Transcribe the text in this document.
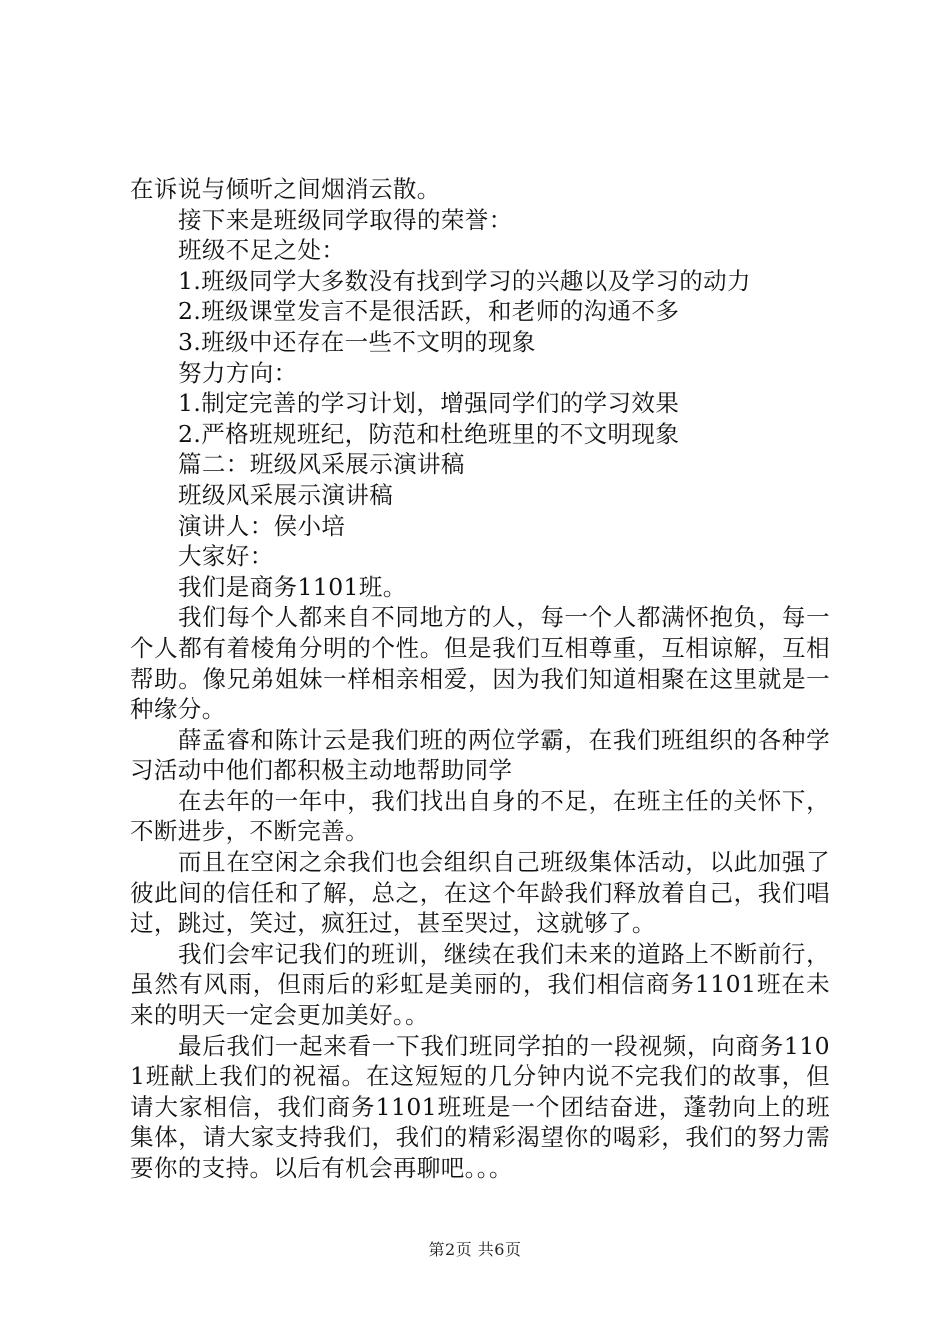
在诉说与倾听之间烟消云散。

接下来是班级同学取得的荣誉：

班级不足之处：

1.班级同学大多数没有找到学习的兴趣以及学习的动力

2.班级课堂发言不是很活跃，和老师的沟通不多

3.班级中还存在一些不文明的现象

努力方向：

1.制定完善的学习计划，增强同学们的学习效果

2.严格班规班纪，防范和杜绝班里的不文明现象

篇二：班级风采展示演讲稿

班级风采展示演讲稿

演讲人：侯小培

大家好：

我们是商务1101班。

我们每个人都来自不同地方的人，每一个人都满怀抱负，每一个人都有着棱角分明的个性。但是我们互相尊重，互相谅解，互相帮助。像兄弟姐妹一样相亲相爱，因为我们知道相聚在这里就是一种缘分。

薛孟睿和陈计云是我们班的两位学霸，在我们班组织的各种学习活动中他们都积极主动地帮助同学

在去年的一年中，我们找出自身的不足，在班主任的关怀下，不断进步，不断完善。

而且在空闲之余我们也会组织自己班级集体活动，以此加强了彼此间的信任和了解，总之，在这个年龄我们释放着自己，我们唱过，跳过，笑过，疯狂过，甚至哭过，这就够了。

我们会牢记我们的班训，继续在我们未来的道路上不断前行，虽然有风雨，但雨后的彩虹是美丽的，我们相信商务1101班在未来的明天一定会更加美好。。

最后我们一起来看一下我们班同学拍的一段视频，向商务1101班献上我们的祝福。在这短短的几分钟内说不完我们的故事，但请大家相信，我们商务1101班班是一个团结奋进，蓬勃向上的班集体，请大家支持我们，我们的精彩渴望你的喝彩，我们的努力需要你的支持。以后有机会再聊吧。。。

第2页 共6页
